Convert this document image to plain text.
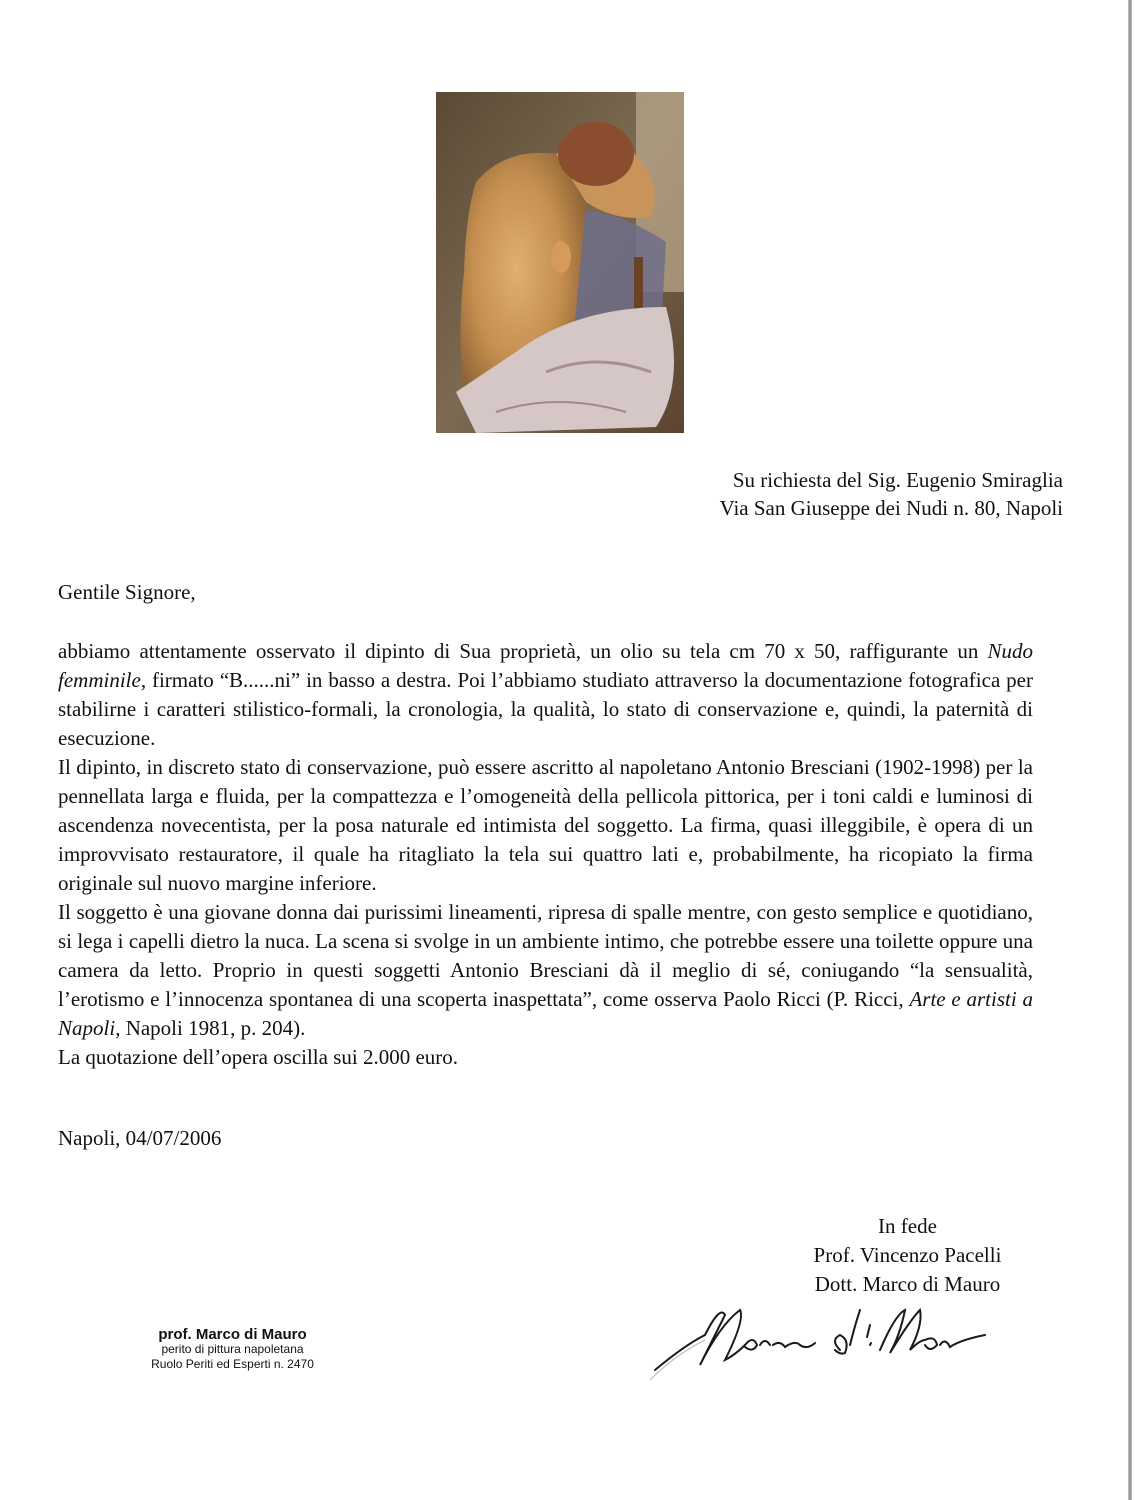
Su richiesta del Sig. Eugenio Smiraglia
Via San Giuseppe dei Nudi n. 80, Napoli
Gentile Signore,

abbiamo attentamente osservato il dipinto di Sua proprietà, un olio su tela cm 70 x 50, raffigurante un Nudo femminile, firmato “B......ni” in basso a destra. Poi l’abbiamo studiato attraverso la documentazione fotografica per stabilirne i caratteri stilistico-formali, la cronologia, la qualità, lo stato di conservazione e, quindi, la paternità di esecuzione.

Il dipinto, in discreto stato di conservazione, può essere ascritto al napoletano Antonio Bresciani (1902-1998) per la pennellata larga e fluida, per la compattezza e l’omogeneità della pellicola pittorica, per i toni caldi e luminosi di ascendenza novecentista, per la posa naturale ed intimista del soggetto. La firma, quasi illeggibile, è opera di un improvvisato restauratore, il quale ha ritagliato la tela sui quattro lati e, probabilmente, ha ricopiato la firma originale sul nuovo margine inferiore.

Il soggetto è una giovane donna dai purissimi lineamenti, ripresa di spalle mentre, con gesto semplice e quotidiano, si lega i capelli dietro la nuca. La scena si svolge in un ambiente intimo, che potrebbe essere una toilette oppure una camera da letto. Proprio in questi soggetti Antonio Bresciani dà il meglio di sé, coniugando “la sensualità, l’erotismo e l’innocenza spontanea di una scoperta inaspettata”, come osserva Paolo Ricci (P. Ricci, Arte e artisti a Napoli, Napoli 1981, p. 204).

La quotazione dell’opera oscilla sui 2.000 euro.

Napoli, 04/07/2006
In fede
Prof. Vincenzo Pacelli
Dott. Marco di Mauro
prof. Marco di Mauro
perito di pittura napoletana
Ruolo Periti ed Esperti n. 2470
